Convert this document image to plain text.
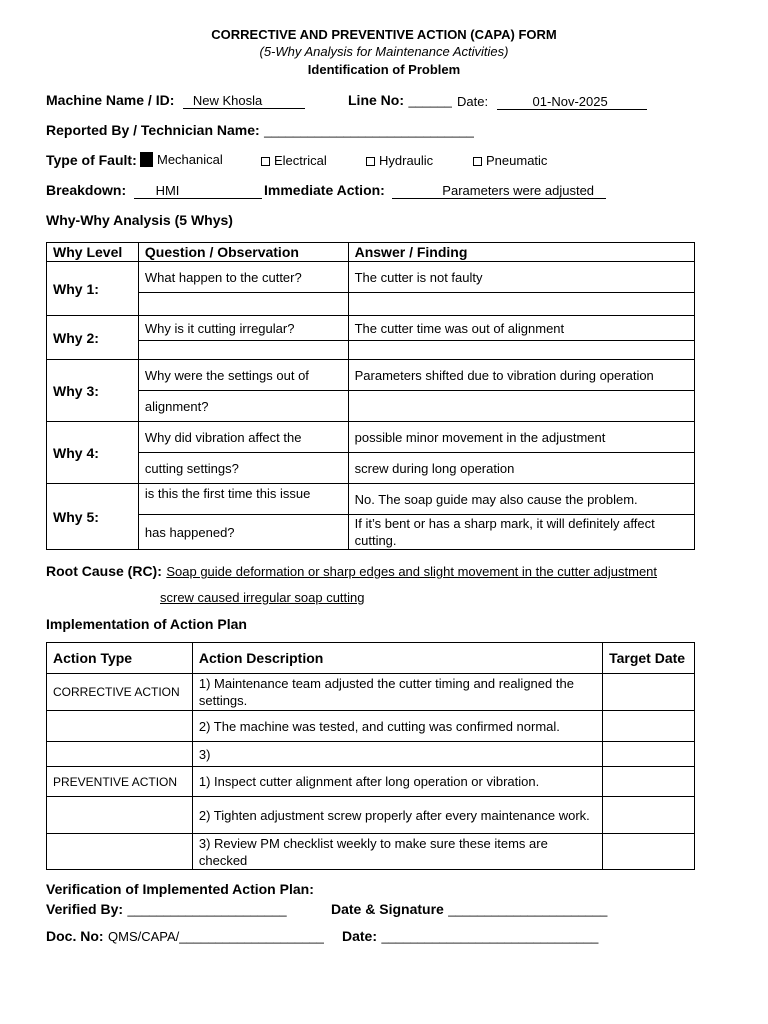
CORRECTIVE AND PREVENTIVE ACTION (CAPA) FORM
(5-Why Analysis for Maintenance Activities)
Identification of Problem
Machine Name / ID: New Khosla	Line No: ______ Date:	01-Nov-2025
Reported By / Technician Name: _____________________________
Type of Fault:	Mechanical	Electrical	Hydraulic	Pneumatic
Breakdown: HMI	Immediate Action:	Parameters were adjusted
Why-Why Analysis (5 Whys)
Why Level	Question / Observation	Answer / Finding
Why 1:	What happen to the cutter?	The cutter is not faulty

Why 2:	Why is it cutting irregular?	The cutter time was out of alignment

Why 3:	Why were the settings out of	Parameters shifted due to vibration during operation
	alignment?	
Why 4:	Why did vibration affect the	possible minor movement in the adjustment
	cutting settings?	screw during long operation
Why 5:	is this the first time this issue	No. The soap guide may also cause the problem.
	has happened?	If it’s bent or has a sharp mark, it will definitely affect cutting.
Root Cause (RC): Soap guide deformation or sharp edges and slight movement in the cutter adjustment
screw caused irregular soap cutting
Implementation of Action Plan
Action Type	Action Description	Target Date
CORRECTIVE ACTION	1) Maintenance team adjusted the cutter timing and realigned the settings.	
	2) The machine was tested, and cutting was confirmed normal.	
	3)	
PREVENTIVE ACTION	1) Inspect cutter alignment after long operation or vibration.	
	2) Tighten adjustment screw properly after every maintenance work.	
	3) Review PM checklist weekly to make sure these items are checked	
Verification of Implemented Action Plan:
Verified By: ______________________	Date & Signature ______________________
Doc. No: QMS/CAPA/____________________ Date: ______________________________
